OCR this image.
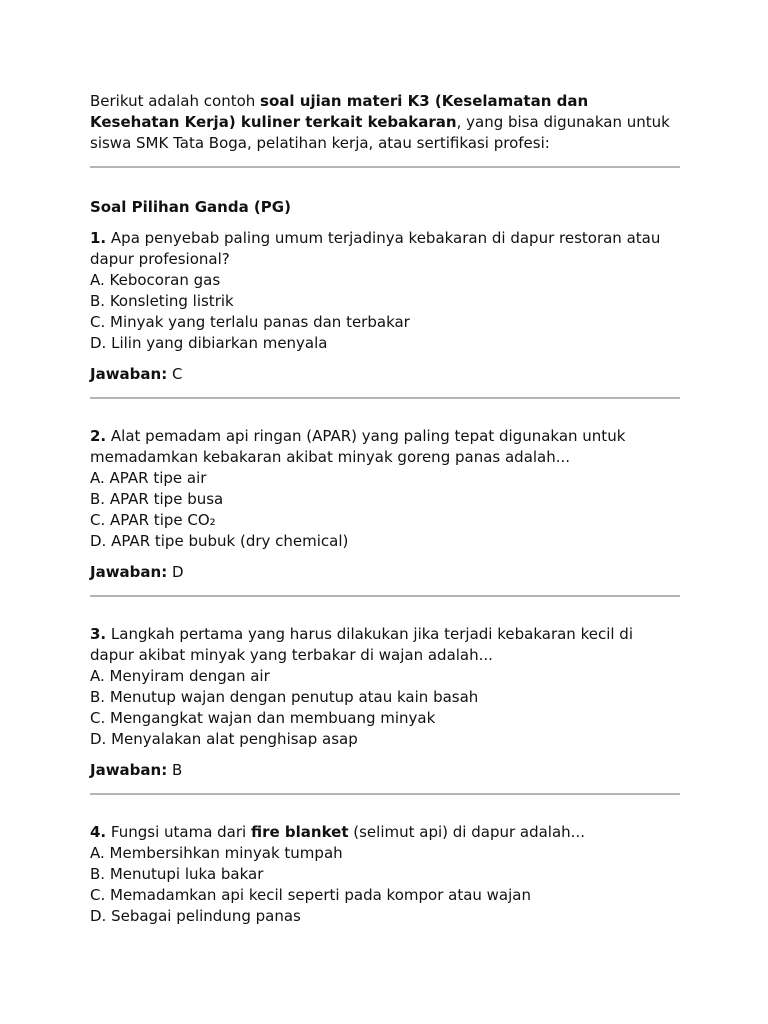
Berikut adalah contoh soal ujian materi K3 (Keselamatan dan Kesehatan Kerja) kuliner terkait kebakaran, yang bisa digunakan untuk siswa SMK Tata Boga, pelatihan kerja, atau sertifikasi profesi:

Soal Pilihan Ganda (PG)
1. Apa penyebab paling umum terjadinya kebakaran di dapur restoran atau dapur profesional?
A. Kebocoran gas
B. Konsleting listrik
C. Minyak yang terlalu panas dan terbakar
D. Lilin yang dibiarkan menyala
Jawaban: C
2. Alat pemadam api ringan (APAR) yang paling tepat digunakan untuk memadamkan kebakaran akibat minyak goreng panas adalah...
A. APAR tipe air
B. APAR tipe busa
C. APAR tipe CO₂
D. APAR tipe bubuk (dry chemical)
Jawaban: D
3. Langkah pertama yang harus dilakukan jika terjadi kebakaran kecil di dapur akibat minyak yang terbakar di wajan adalah...
A. Menyiram dengan air
B. Menutup wajan dengan penutup atau kain basah
C. Mengangkat wajan dan membuang minyak
D. Menyalakan alat penghisap asap
Jawaban: B
4. Fungsi utama dari fire blanket (selimut api) di dapur adalah...
A. Membersihkan minyak tumpah
B. Menutupi luka bakar
C. Memadamkan api kecil seperti pada kompor atau wajan
D. Sebagai pelindung panas
